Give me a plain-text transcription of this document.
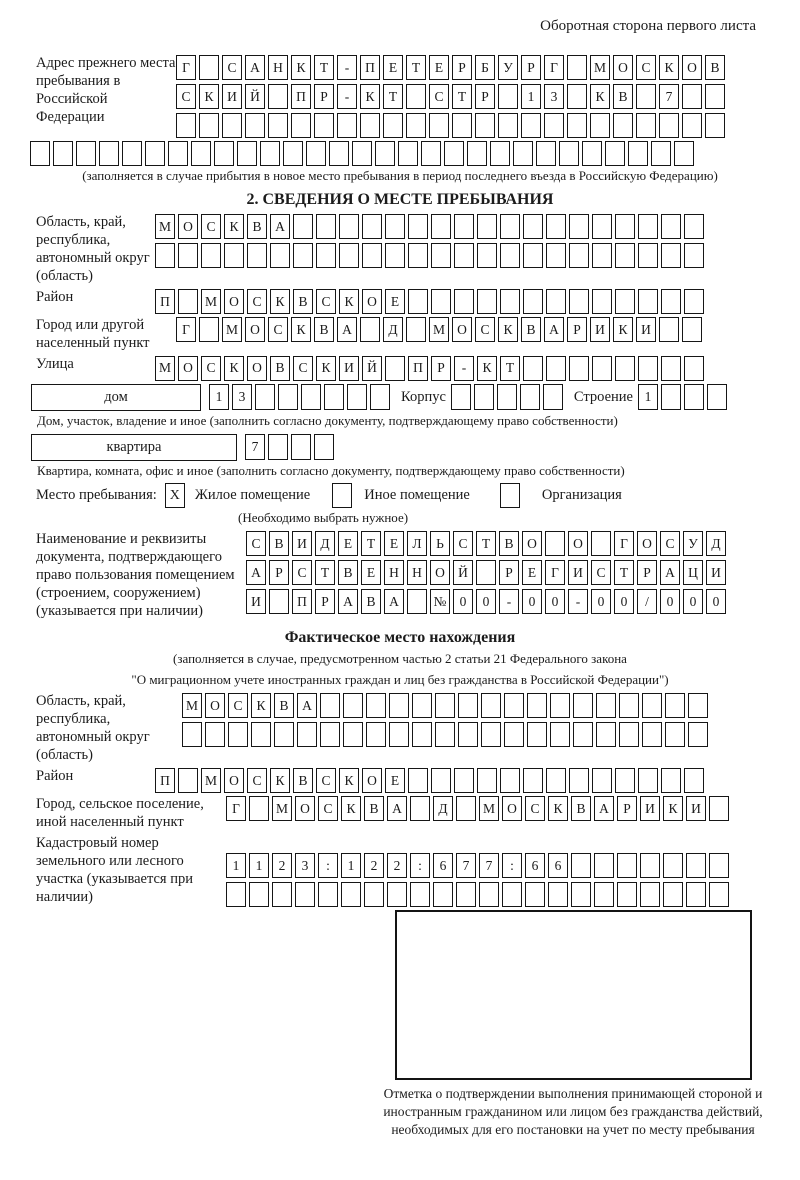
Оборотная сторона первого листа
Адрес прежнего места пребывания в Российской Федерации
Г	С	А Н	К	Т	-	П	Е	Т	Е	Р	Б	У	Р	Г	М О	С	К	О	В
С	К	И Й	П	Р	-	К	Т	С	Т	Р	1	3	К	В	7
(заполняется в случае прибытия в новое место пребывания в период последнего въезда в Российскую Федерацию)
2. СВЕДЕНИЯ О МЕСТЕ ПРЕБЫВАНИЯ
Область, край, республика, автономный округ (область)
М О	С	К	В	А
Район	П	М О	С	К	В	С	К	О	Е
Город или другой населенный пункт
Г	М О	С	К	В	А	Д	М О	С	К	В	А	Р	И	К	И
Улица	М О	С	К	О	В	С	К	И Й	П	Р	-	К	Т
дом	1	3	Корпус	Строение 1
Дом, участок, владение и иное (заполнить согласно документу, подтверждающему право собственности)
квартира	7
Квартира, комната, офис и иное (заполнить согласно документу, подтверждающему право собственности)
Место пребывания: X	Жилое помещение	Иное помещение	Организация
(Необходимо выбрать нужное)
Наименование и реквизиты документа, подтверждающего право пользования помещением (строением, сооружением) (указывается при наличии)
С	В	И	Д	Е	Т	Е	Л	Ь	С	Т	В	О	О	Г	О	С	У	Д
А	Р	С	Т	В	Е	Н Н О Й	Р	Е	Г	И	С	Т	Р	А Ц И
И	П	Р	А	В	А	№ 0	0	-	0	0	-	0	0	/	0	0	0
Фактическое место нахождения
(заполняется в случае, предусмотренном частью 2 статьи 21 Федерального закона
"О миграционном учете иностранных граждан и лиц без гражданства в Российской Федерации")
Область, край, республика, автономный округ (область)
М О	С	К	В	А
Район	П	М О	С	К	В	С	К	О	Е
Город, сельское поселение, иной населенный пункт
Г	М О	С	К	В	А	Д	М О	С	К	В	А	Р	И	К	И
Кадастровый номер земельного или лесного участка (указывается при наличии)
1	1	2	3	:	1	2	2	:	6	7	7	:	6	6
Отметка о подтверждении выполнения принимающей стороной и иностранным гражданином или лицом без гражданства действий, необходимых для его постановки на учет по месту пребывания
